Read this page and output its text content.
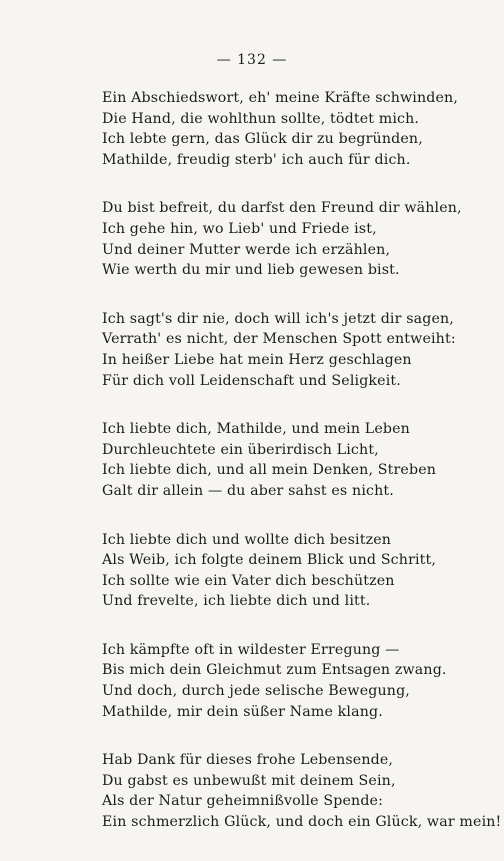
— 132 —
Ein Abschiedswort, eh' meine Kräfte schwinden,
Die Hand, die wohlthun sollte, tödtet mich.
Ich lebte gern, das Glück dir zu begründen,
Mathilde, freudig sterb' ich auch für dich.
Du bist befreit, du darfst den Freund dir wählen,
Ich gehe hin, wo Lieb' und Friede ist,
Und deiner Mutter werde ich erzählen,
Wie werth du mir und lieb gewesen bist.
Ich sagt's dir nie, doch will ich's jetzt dir sagen,
Verrath' es nicht, der Menschen Spott entweiht:
In heißer Liebe hat mein Herz geschlagen
Für dich voll Leidenschaft und Seligkeit.
Ich liebte dich, Mathilde, und mein Leben
Durchleuchtete ein überirdisch Licht,
Ich liebte dich, und all mein Denken, Streben
Galt dir allein — du aber sahst es nicht.
Ich liebte dich und wollte dich besitzen
Als Weib, ich folgte deinem Blick und Schritt,
Ich sollte wie ein Vater dich beschützen
Und frevelte, ich liebte dich und litt.
Ich kämpfte oft in wildester Erregung —
Bis mich dein Gleichmut zum Entsagen zwang.
Und doch, durch jede selische Bewegung,
Mathilde, mir dein süßer Name klang.
Hab Dank für dieses frohe Lebensende,
Du gabst es unbewußt mit deinem Sein,
Als der Natur geheimnißvolle Spende:
Ein schmerzlich Glück, und doch ein Glück, war mein!
